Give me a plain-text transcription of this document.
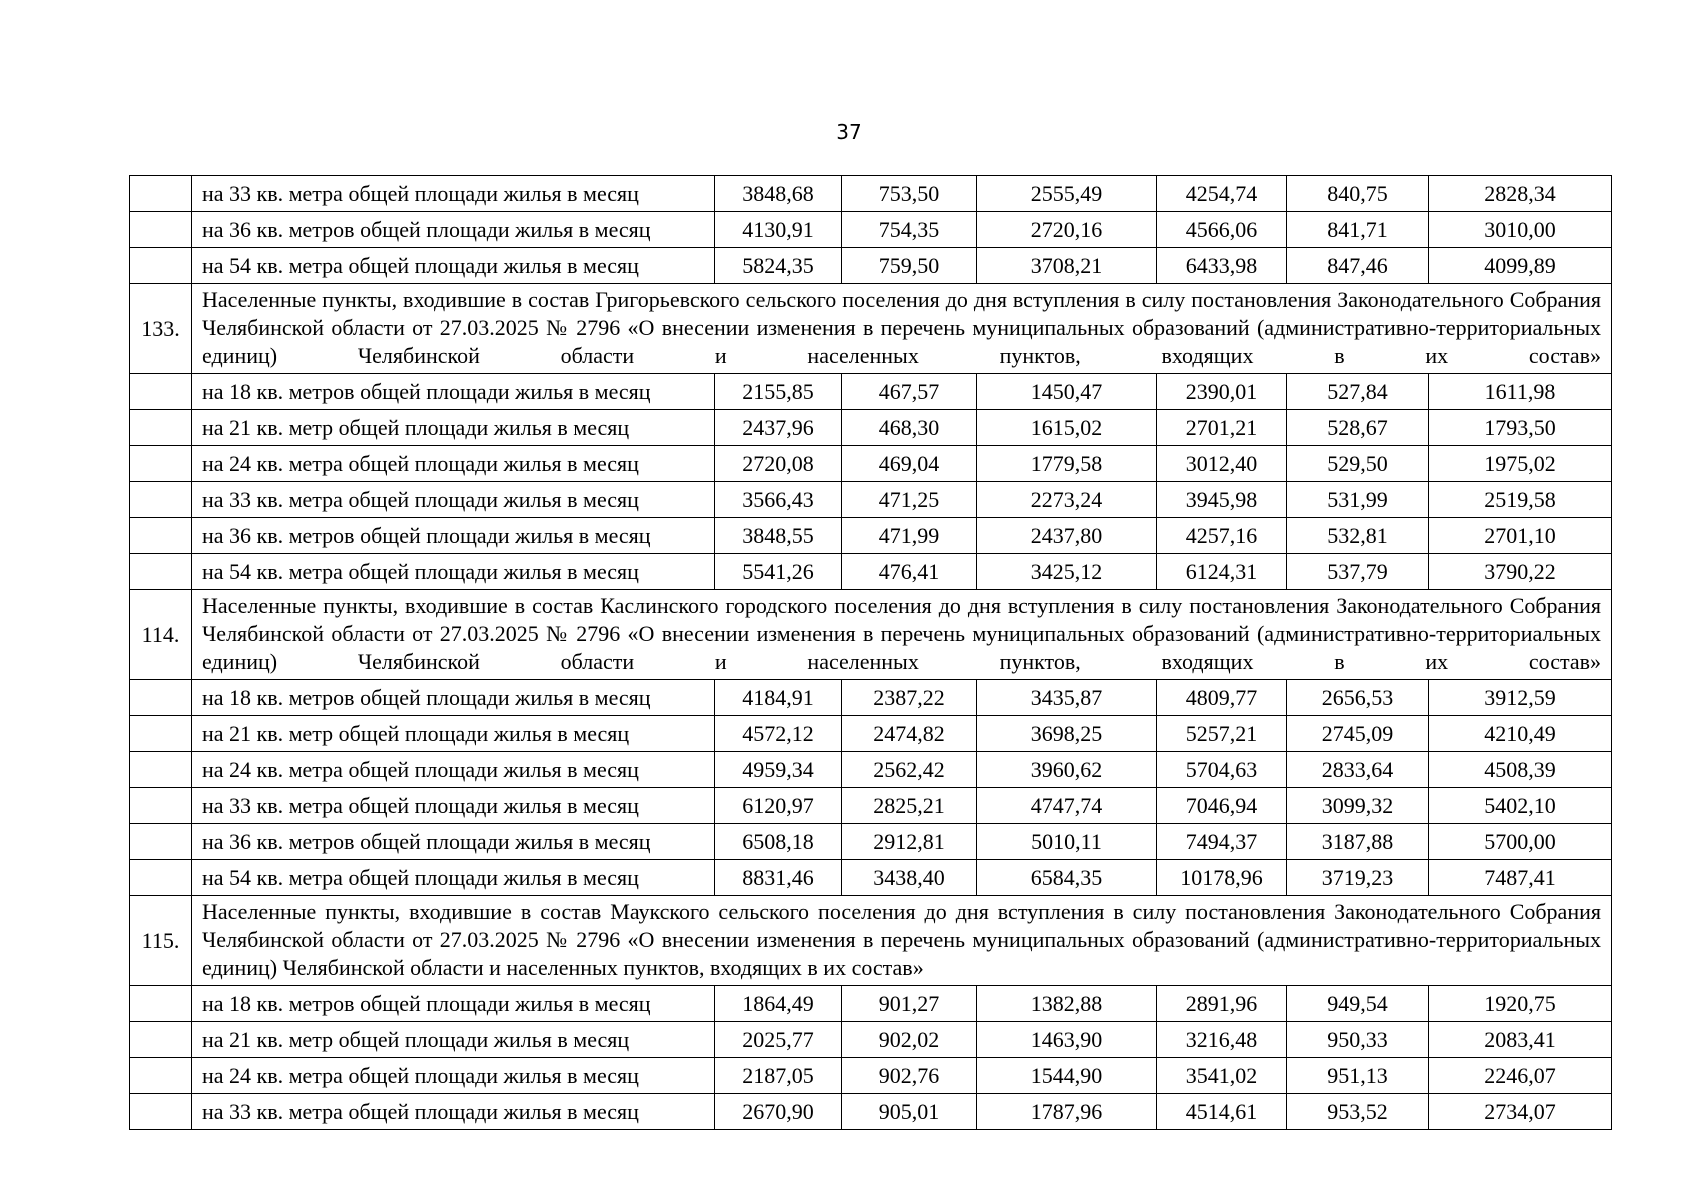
37
	на 33 кв. метра общей площади жилья в месяц	3848,68	753,50	2555,49	4254,74	840,75	2828,34
	на 36 кв. метров общей площади жилья в месяц	4130,91	754,35	2720,16	4566,06	841,71	3010,00
	на 54 кв. метра общей площади жилья в месяц	5824,35	759,50	3708,21	6433,98	847,46	4099,89
133.	Населенные пункты, входившие в состав Григорьевского сельского поселения до дня вступления в силу постановления Законодательного Собрания Челябинской области от 27.03.2025 № 2796 «О внесении изменения в перечень муниципальных образований (административно-территориальных единиц) Челябинской области и населенных пунктов, входящих в их состав»						
	на 18 кв. метров общей площади жилья в месяц	2155,85	467,57	1450,47	2390,01	527,84	1611,98
	на 21 кв. метр общей площади жилья в месяц	2437,96	468,30	1615,02	2701,21	528,67	1793,50
	на 24 кв. метра общей площади жилья в месяц	2720,08	469,04	1779,58	3012,40	529,50	1975,02
	на 33 кв. метра общей площади жилья в месяц	3566,43	471,25	2273,24	3945,98	531,99	2519,58
	на 36 кв. метров общей площади жилья в месяц	3848,55	471,99	2437,80	4257,16	532,81	2701,10
	на 54 кв. метра общей площади жилья в месяц	5541,26	476,41	3425,12	6124,31	537,79	3790,22
114.	Населенные пункты, входившие в состав Каслинского городского поселения до дня вступления в силу постановления Законодательного Собрания Челябинской области от 27.03.2025 № 2796 «О внесении изменения в перечень муниципальных образований (административно-территориальных единиц) Челябинской области и населенных пунктов, входящих в их состав»						
	на 18 кв. метров общей площади жилья в месяц	4184,91	2387,22	3435,87	4809,77	2656,53	3912,59
	на 21 кв. метр общей площади жилья в месяц	4572,12	2474,82	3698,25	5257,21	2745,09	4210,49
	на 24 кв. метра общей площади жилья в месяц	4959,34	2562,42	3960,62	5704,63	2833,64	4508,39
	на 33 кв. метра общей площади жилья в месяц	6120,97	2825,21	4747,74	7046,94	3099,32	5402,10
	на 36 кв. метров общей площади жилья в месяц	6508,18	2912,81	5010,11	7494,37	3187,88	5700,00
	на 54 кв. метра общей площади жилья в месяц	8831,46	3438,40	6584,35	10178,96	3719,23	7487,41
115.	Населенные пункты, входившие в состав Маукского сельского поселения до дня вступления в силу постановления Законодательного Собрания Челябинской области от 27.03.2025 № 2796 «О внесении изменения в перечень муниципальных образований (административно-территориальных единиц) Челябинской области и населенных пунктов, входящих в их состав»						
	на 18 кв. метров общей площади жилья в месяц	1864,49	901,27	1382,88	2891,96	949,54	1920,75
	на 21 кв. метр общей площади жилья в месяц	2025,77	902,02	1463,90	3216,48	950,33	2083,41
	на 24 кв. метра общей площади жилья в месяц	2187,05	902,76	1544,90	3541,02	951,13	2246,07
	на 33 кв. метра общей площади жилья в месяц	2670,90	905,01	1787,96	4514,61	953,52	2734,07
